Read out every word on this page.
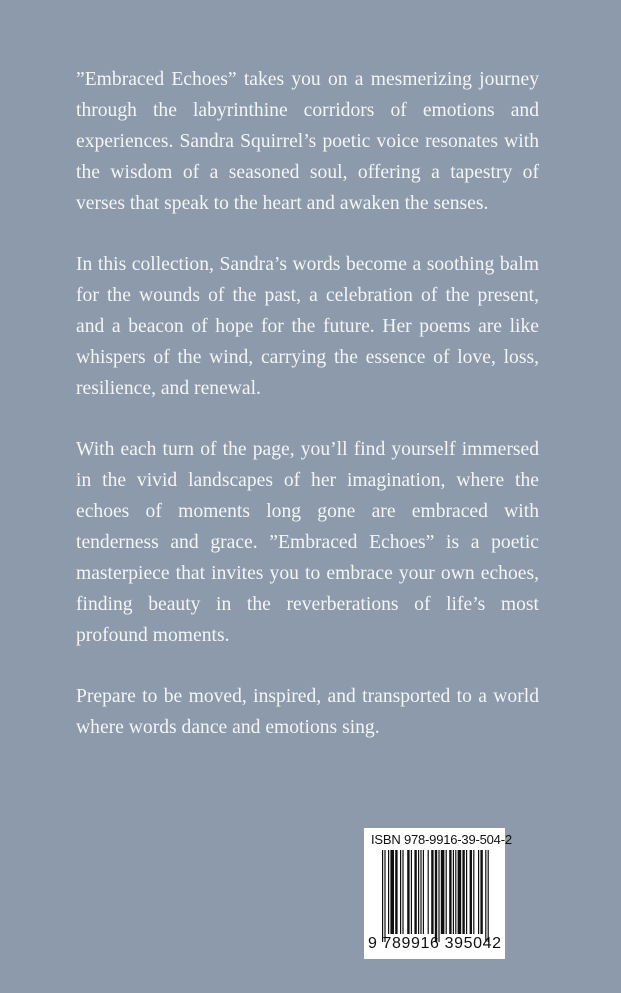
”Embraced Echoes” takes you on a mesmerizing journey through the labyrinthine corridors of emotions and experiences. Sandra Squirrel’s poetic voice resonates with the wisdom of a seasoned soul, offering a tapestry of verses that speak to the heart and awaken the senses.

In this collection, Sandra’s words become a soothing balm for the wounds of the past, a celebration of the present, and a beacon of hope for the future. Her poems are like whispers of the wind, carrying the essence of love, loss, resilience, and renewal.

With each turn of the page, you’ll find yourself immersed in the vivid landscapes of her imagination, where the echoes of moments long gone are embraced with tenderness and grace. ”Embraced Echoes” is a poetic masterpiece that invites you to embrace your own echoes, finding beauty in the reverberations of life’s most profound moments.

Prepare to be moved, inspired, and transported to a world where words dance and emotions sing.

ISBN 978-9916-39-504-2
9 789916 395042
